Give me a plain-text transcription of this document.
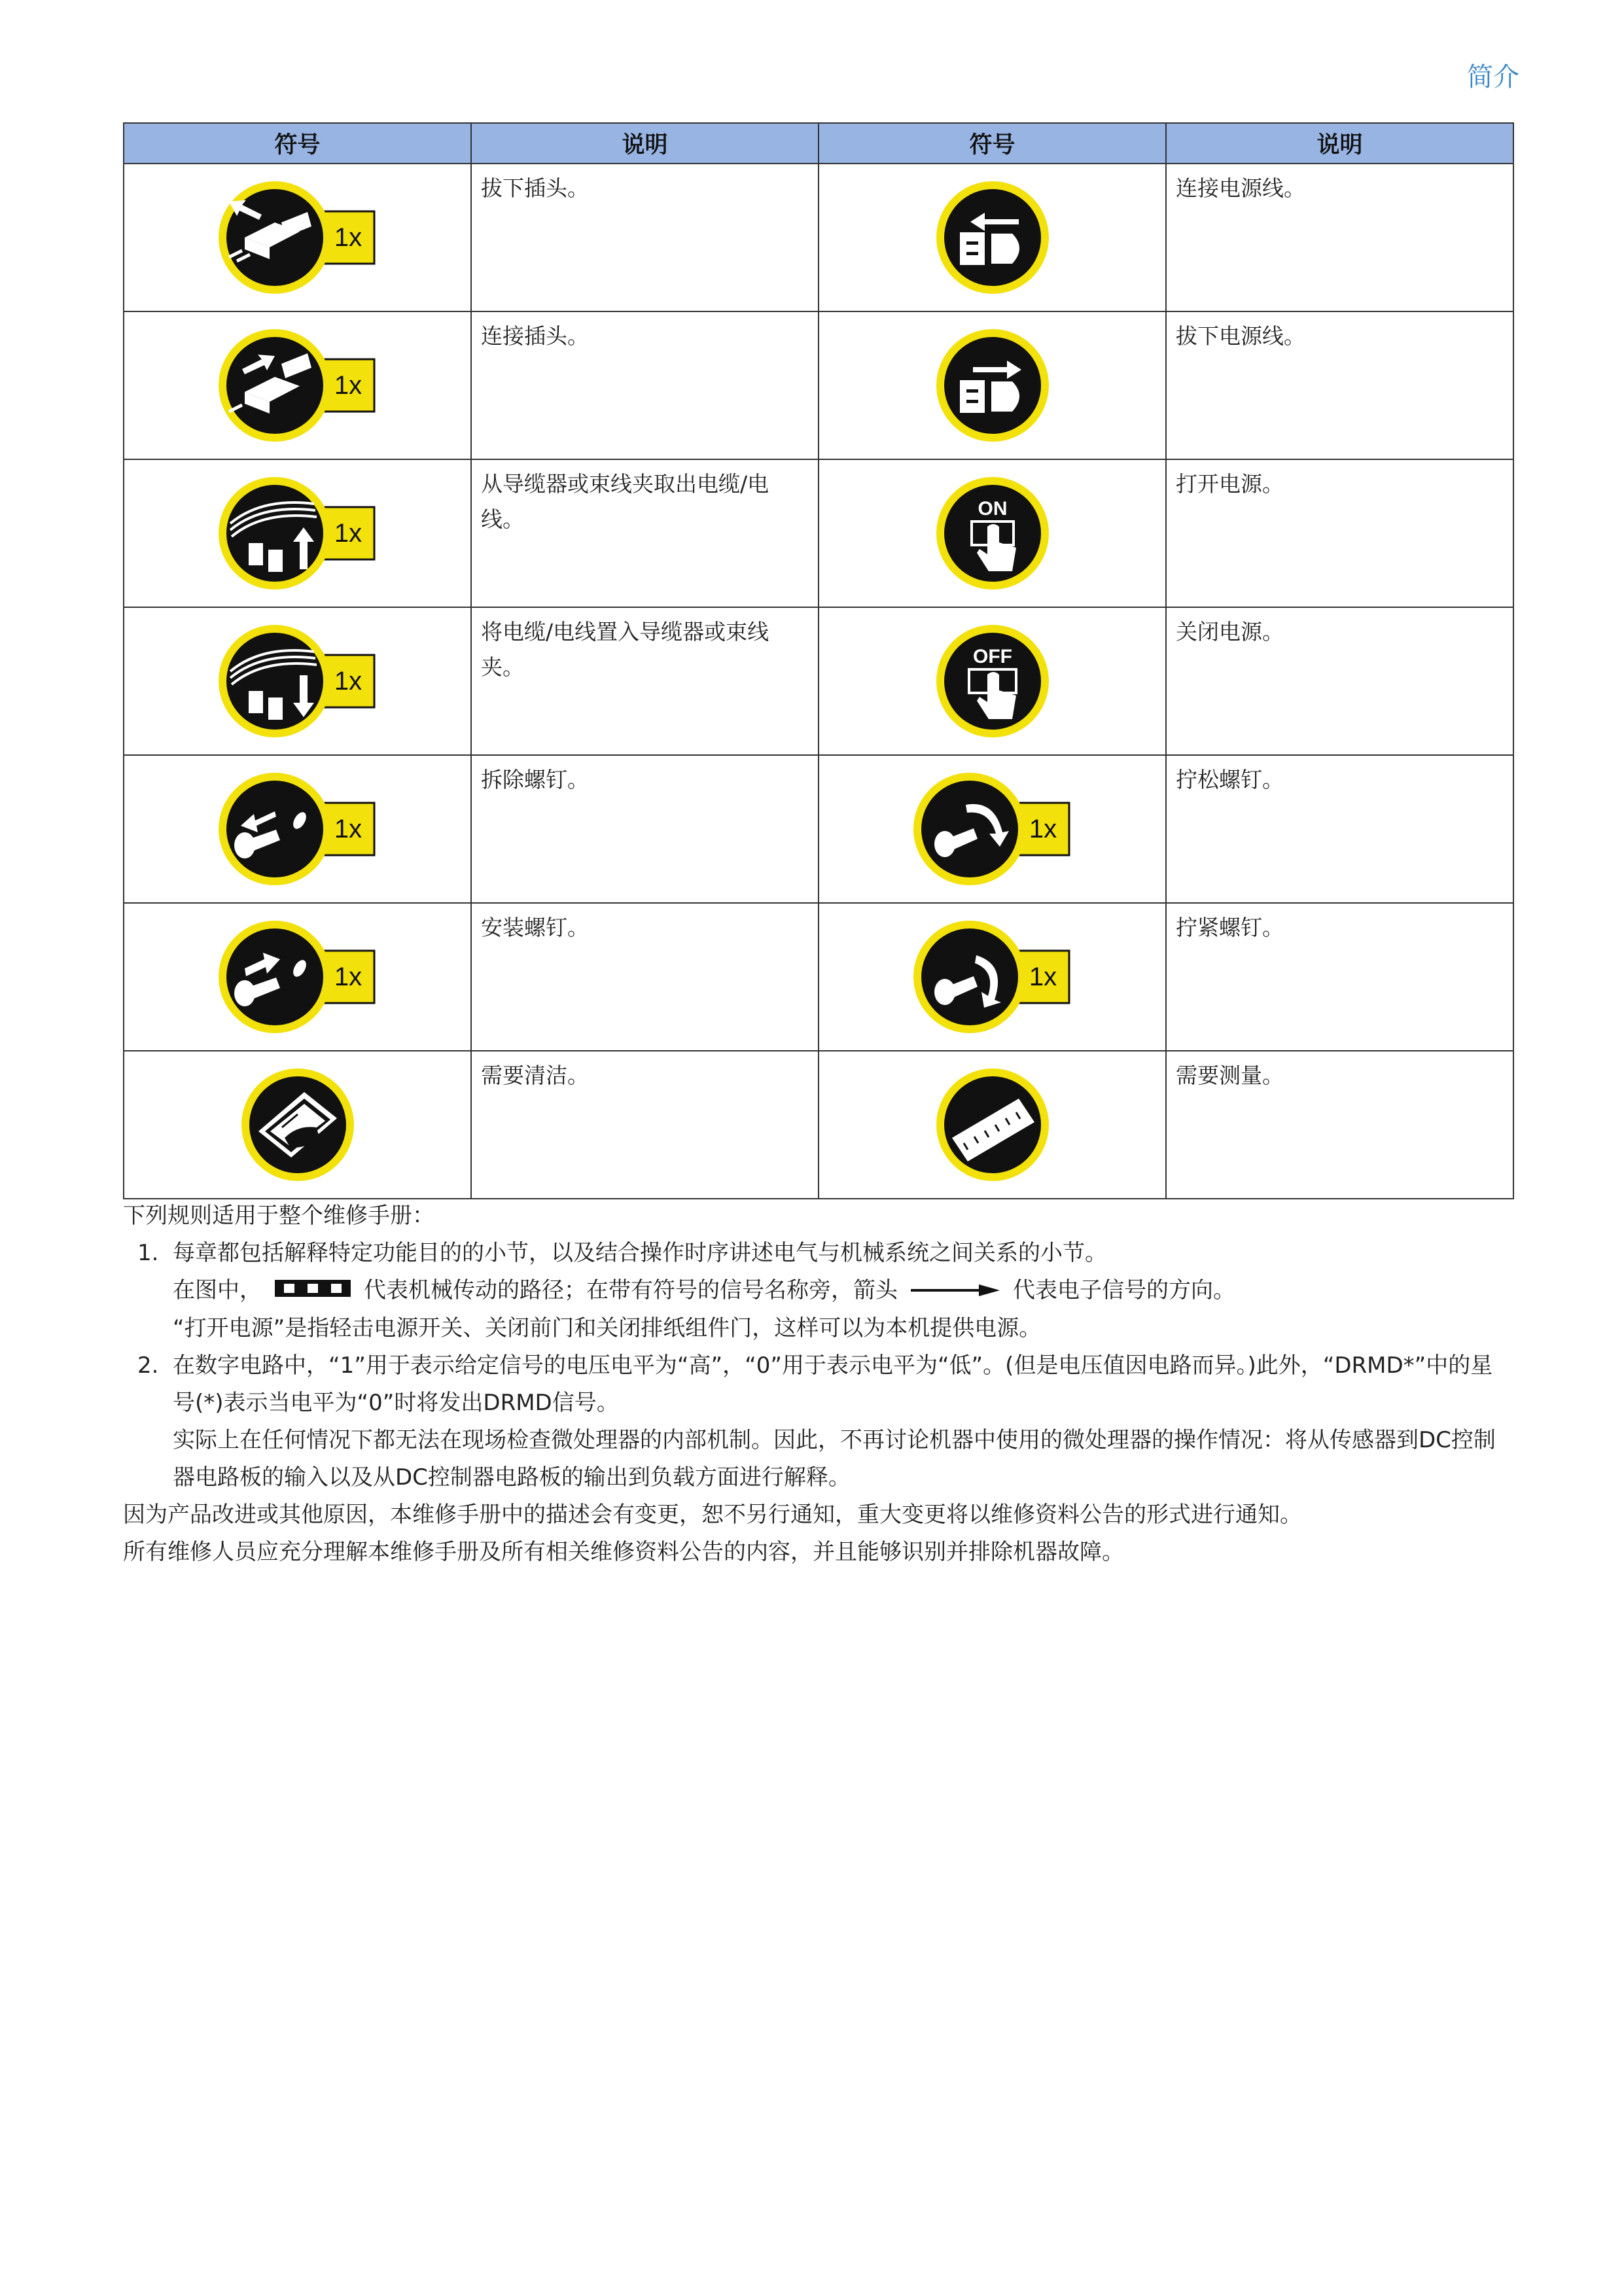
简介
符号	说明	符号	说明

1x	拔下插头。		连接电源线。

1x	连接插头。		拔下电源线。

1x	从导缆器或束线夹取出电缆/电线。	ON	打开电源。

1x	将电缆/电线置入导缆器或束线夹。	OFF	关闭电源。

1x	拆除螺钉。	1x	拧松螺钉。

1x	安装螺钉。	1x	拧紧螺钉。

	需要清洁。		需要测量。

下列规则适用于整个维修手册：

1. 每章都包括解释特定功能目的的小节，以及结合操作时序讲述电气与机械系统之间关系的小节。

在图中，	代表机械传动的路径；在带有符号的信号名称旁，箭头	代表电子信号的方向。

“打开电源”是指轻击电源开关、关闭前门和关闭排纸组件门，这样可以为本机提供电源。

2. 在数字电路中，“1”用于表示给定信号的电压电平为“高”，“0”用于表示电平为“低”。(但是电压值因电路而异。)此外，“DRMD*”中的星号(*)表示当电平为“0”时将发出DRMD信号。

实际上在任何情况下都无法在现场检查微处理器的内部机制。因此，不再讨论机器中使用的微处理器的操作情况：将从传感器到DC控制器电路板的输入以及从DC控制器电路板的输出到负载方面进行解释。

因为产品改进或其他原因，本维修手册中的描述会有变更，恕不另行通知，重大变更将以维修资料公告的形式进行通知。

所有维修人员应充分理解本维修手册及所有相关维修资料公告的内容，并且能够识别并排除机器故障。
